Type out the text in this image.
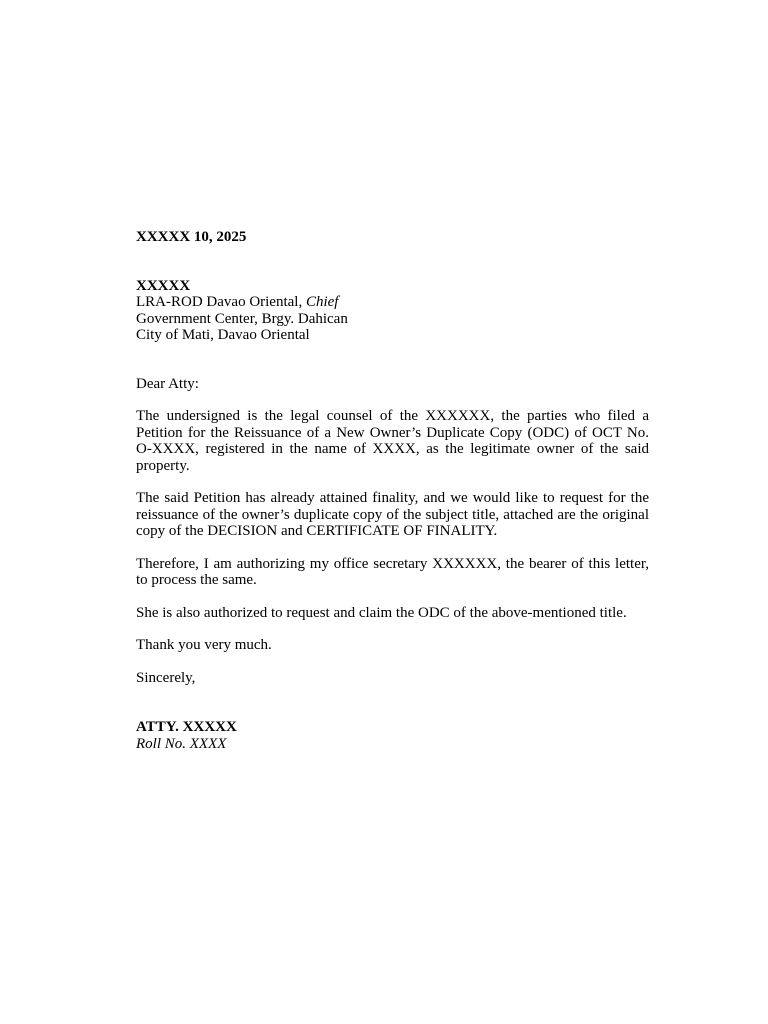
XXXXX 10, 2025
XXXXX
LRA-ROD Davao Oriental, Chief
Government Center, Brgy. Dahican
City of Mati, Davao Oriental
Dear Atty:

The undersigned is the legal counsel of the XXXXXX, the parties who filed a Petition for the Reissuance of a New Owner’s Duplicate Copy (ODC) of OCT No. O-XXXX, registered in the name of XXXX, as the legitimate owner of the said property.

The said Petition has already attained finality, and we would like to request for the reissuance of the owner’s duplicate copy of the subject title, attached are the original copy of the DECISION and CERTIFICATE OF FINALITY.

Therefore, I am authorizing my office secretary XXXXXX, the bearer of this letter, to process the same.

She is also authorized to request and claim the ODC of the above-mentioned title.

Thank you very much.

Sincerely,
ATTY. XXXXX
Roll No. XXXX
